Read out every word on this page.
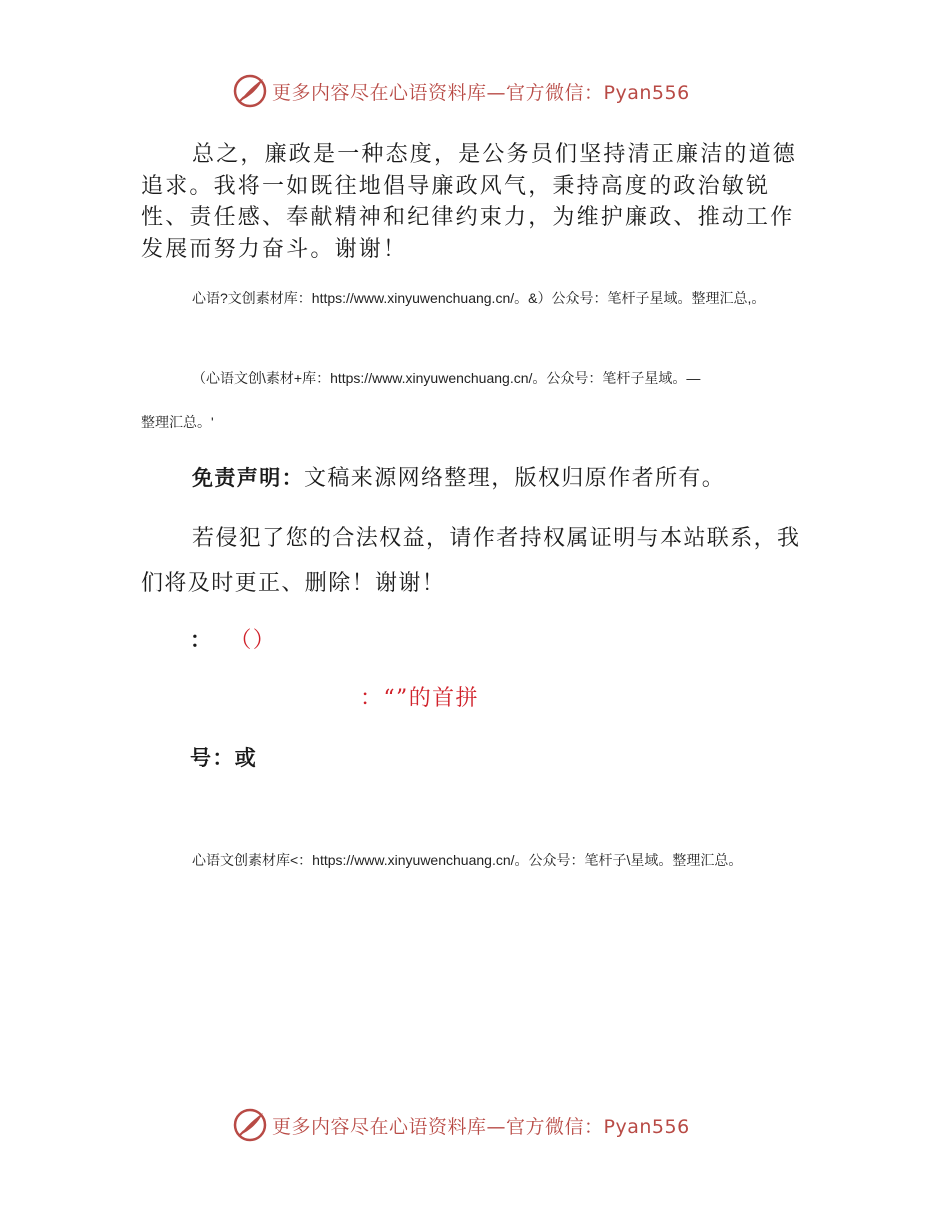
更多内容尽在心语资料库—官方微信：Pyan556

总之，廉政是一种态度，是公务员们坚持清正廉洁的道德追求。我将一如既往地倡导廉政风气，秉持高度的政治敏锐性、责任感、奉献精神和纪律约束力，为维护廉政、推动工作发展而努力奋斗。谢谢！

心语?文创素材库：https://www.xinyuwenchuang.cn/。&）公众号：笔杆子星域。整理汇总,。

（心语文创\素材+库：https://www.xinyuwenchuang.cn/。公众号：笔杆子星域。—

整理汇总。'

免责声明：文稿来源网络整理，版权归原作者所有。

若侵犯了您的合法权益，请作者持权属证明与本站联系，我们将及时更正、删除！谢谢！

： （）

：“”的首拼

号：或

心语文创素材库<：https://www.xinyuwenchuang.cn/。公众号：笔杆子\星域。整理汇总。

更多内容尽在心语资料库—官方微信：Pyan556
